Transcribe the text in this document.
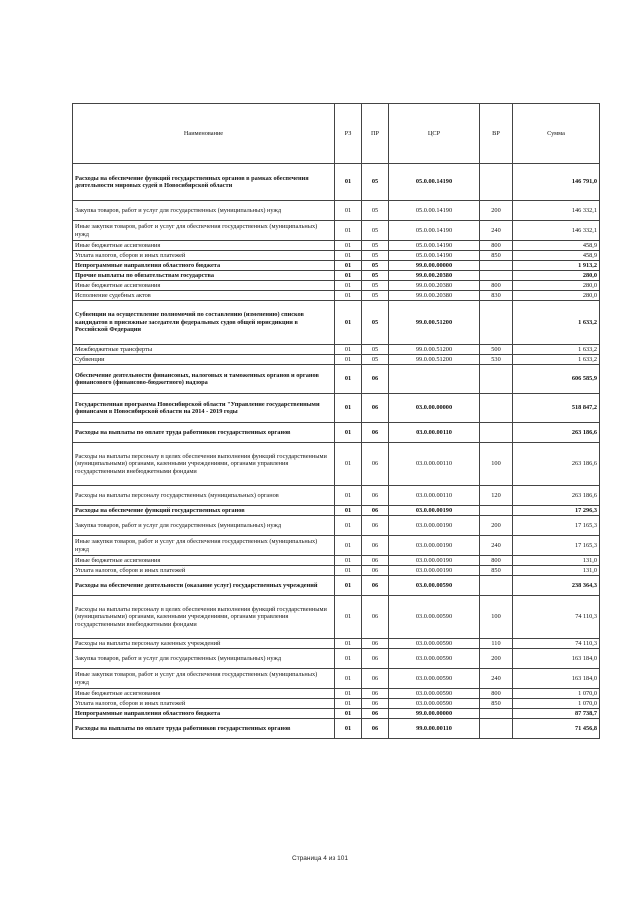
Наименование	РЗ	ПР	ЦСР	ВР	Сумма
Расходы на обеспечение функций государственных органов в рамках обеспечения деятельности мировых судей в Новосибирской области	01	05	05.0.00.14190		146 791,0
Закупка товаров, работ и услуг для государственных (муниципальных) нужд	01	05	05.0.00.14190	200	146 332,1
Иные закупки товаров, работ и услуг для обеспечения государственных (муниципальных) нужд	01	05	05.0.00.14190	240	146 332,1
Иные бюджетные ассигнования	01	05	05.0.00.14190	800	458,9
Уплата налогов, сборов и иных платежей	01	05	05.0.00.14190	850	458,9
Непрограммные направления областного бюджета	01	05	99.0.00.00000		1 913,2
Прочие выплаты по обязательствам государства	01	05	99.0.00.20380		280,0
Иные бюджетные ассигнования	01	05	99.0.00.20380	800	280,0
Исполнение судебных актов	01	05	99.0.00.20380	830	280,0
Субвенции на осуществление полномочий по составлению (изменению) списков кандидатов в присяжные заседатели федеральных судов общей юрисдикции в Российской Федерации	01	05	99.0.00.51200		1 633,2
Межбюджетные трансферты	01	05	99.0.00.51200	500	1 633,2
Субвенции	01	05	99.0.00.51200	530	1 633,2
Обеспечение деятельности финансовых, налоговых и таможенных органов и органов финансового (финансово-бюджетного) надзора	01	06			606 585,9
Государственная программа Новосибирской области "Управление государственными финансами в Новосибирской области на 2014 - 2019 годы	01	06	03.0.00.00000		518 847,2
Расходы на выплаты по оплате труда работников государственных органов	01	06	03.0.00.00110		263 186,6
Расходы на выплаты персоналу в целях обеспечения выполнения функций государственными (муниципальными) органами, казенными учреждениями, органами управления государственными внебюджетными фондами	01	06	03.0.00.00110	100	263 186,6
Расходы на выплаты персоналу государственных (муниципальных) органов	01	06	03.0.00.00110	120	263 186,6
Расходы на обеспечение функций государственных органов	01	06	03.0.00.00190		17 296,3
Закупка товаров, работ и услуг для государственных (муниципальных) нужд	01	06	03.0.00.00190	200	17 165,3
Иные закупки товаров, работ и услуг для обеспечения государственных (муниципальных) нужд	01	06	03.0.00.00190	240	17 165,3
Иные бюджетные ассигнования	01	06	03.0.00.00190	800	131,0
Уплата налогов, сборов и иных платежей	01	06	03.0.00.00190	850	131,0
Расходы на обеспечение деятельности (оказание услуг) государственных учреждений	01	06	03.0.00.00590		238 364,3
Расходы на выплаты персоналу в целях обеспечения выполнения функций государственными (муниципальными) органами, казенными учреждениями, органами управления государственными внебюджетными фондами	01	06	03.0.00.00590	100	74 110,3
Расходы на выплаты персоналу казенных учреждений	01	06	03.0.00.00590	110	74 110,3
Закупка товаров, работ и услуг для государственных (муниципальных) нужд	01	06	03.0.00.00590	200	163 184,0
Иные закупки товаров, работ и услуг для обеспечения государственных (муниципальных) нужд	01	06	03.0.00.00590	240	163 184,0
Иные бюджетные ассигнования	01	06	03.0.00.00590	800	1 070,0
Уплата налогов, сборов и иных платежей	01	06	03.0.00.00590	850	1 070,0
Непрограммные направления областного бюджета	01	06	99.0.00.00000		87 738,7
Расходы на выплаты по оплате труда работников государственных органов	01	06	99.0.00.00110		71 456,8
Страница 4 из 101
